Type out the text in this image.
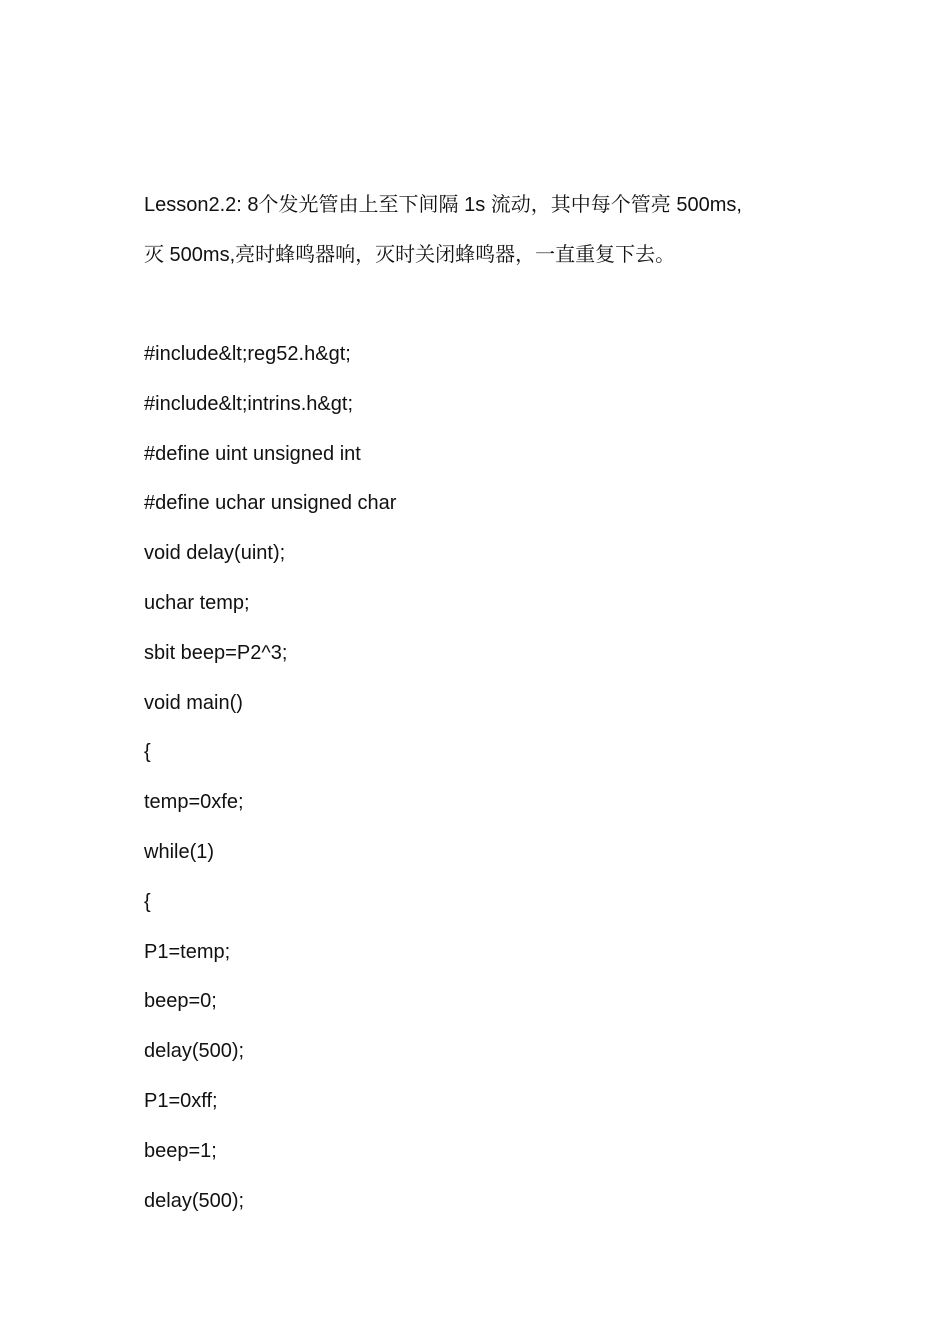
Lesson2.2: 8个发光管由上至下间隔 1s 流动，其中每个管亮 500ms,

灭 500ms,亮时蜂鸣器响，灭时关闭蜂鸣器，一直重复下去。

#include&lt;reg52.h&gt;

#include&lt;intrins.h&gt;

#define uint unsigned int

#define uchar unsigned char

void delay(uint);

uchar temp;

sbit beep=P2^3;

void main()

{

temp=0xfe;

while(1)

{

P1=temp;

beep=0;

delay(500);

P1=0xff;

beep=1;

delay(500);
